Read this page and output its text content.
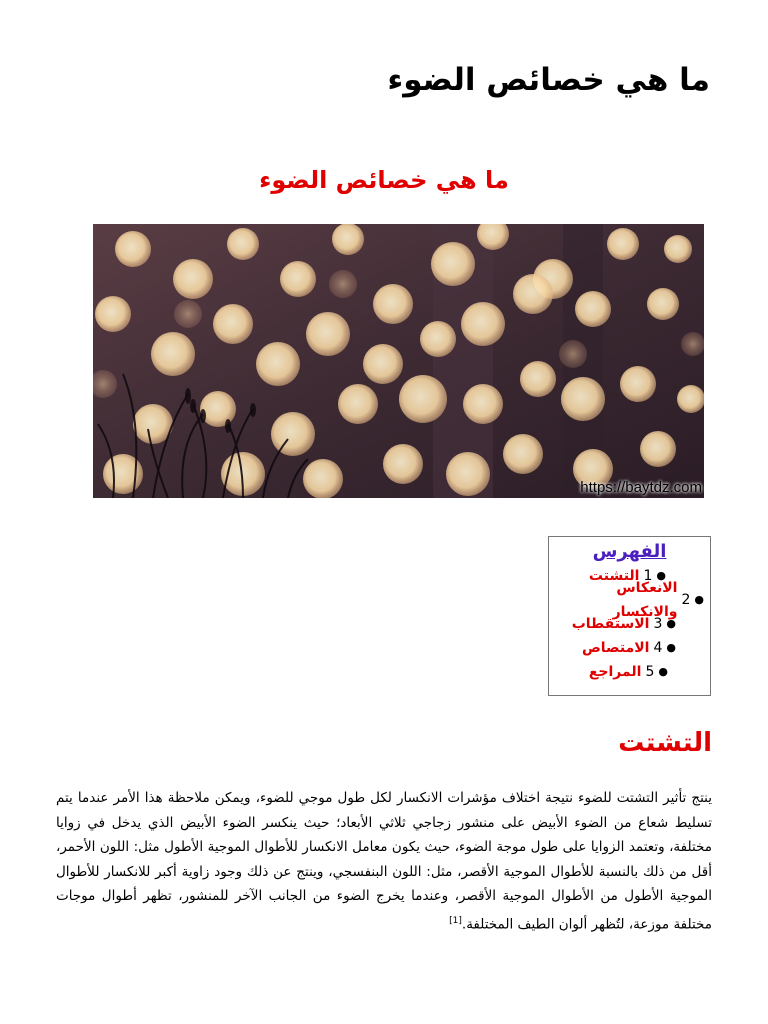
ما هي خصائص الضوء
ما هي خصائص الضوء
https://baytdz.com
الفهرس
●
1
التشتت
●
2
الانعكاس والانكسار
●
3
الاستقطاب
●
4
الامتصاص
●
5
المراجع
التشتت

ينتج تأثير التشتت للضوء نتيجة اختلاف مؤشرات الانكسار لكل طول موجي للضوء، ويمكن ملاحظة هذا الأمر عندما يتم تسليط شعاع من الضوء الأبيض على منشور زجاجي ثلاثي الأبعاد؛ حيث ينكسر الضوء الأبيض الذي يدخل في زوايا مختلفة، وتعتمد الزوايا على طول موجة الضوء، حيث يكون معامل الانكسار للأطوال الموجية الأطول مثل: اللون الأحمر، أقل من ذلك بالنسبة للأطوال الموجية الأقصر، مثل: اللون البنفسجي، وينتج عن ذلك وجود زاوية أكبر للانكسار للأطوال الموجية الأطول من الأطوال الموجية الأقصر، وعندما يخرج الضوء من الجانب الآخر للمنشور، تظهر أطوال موجات مختلفة موزعة، لتُظهر ألوان الطيف المختلفة.[1]
